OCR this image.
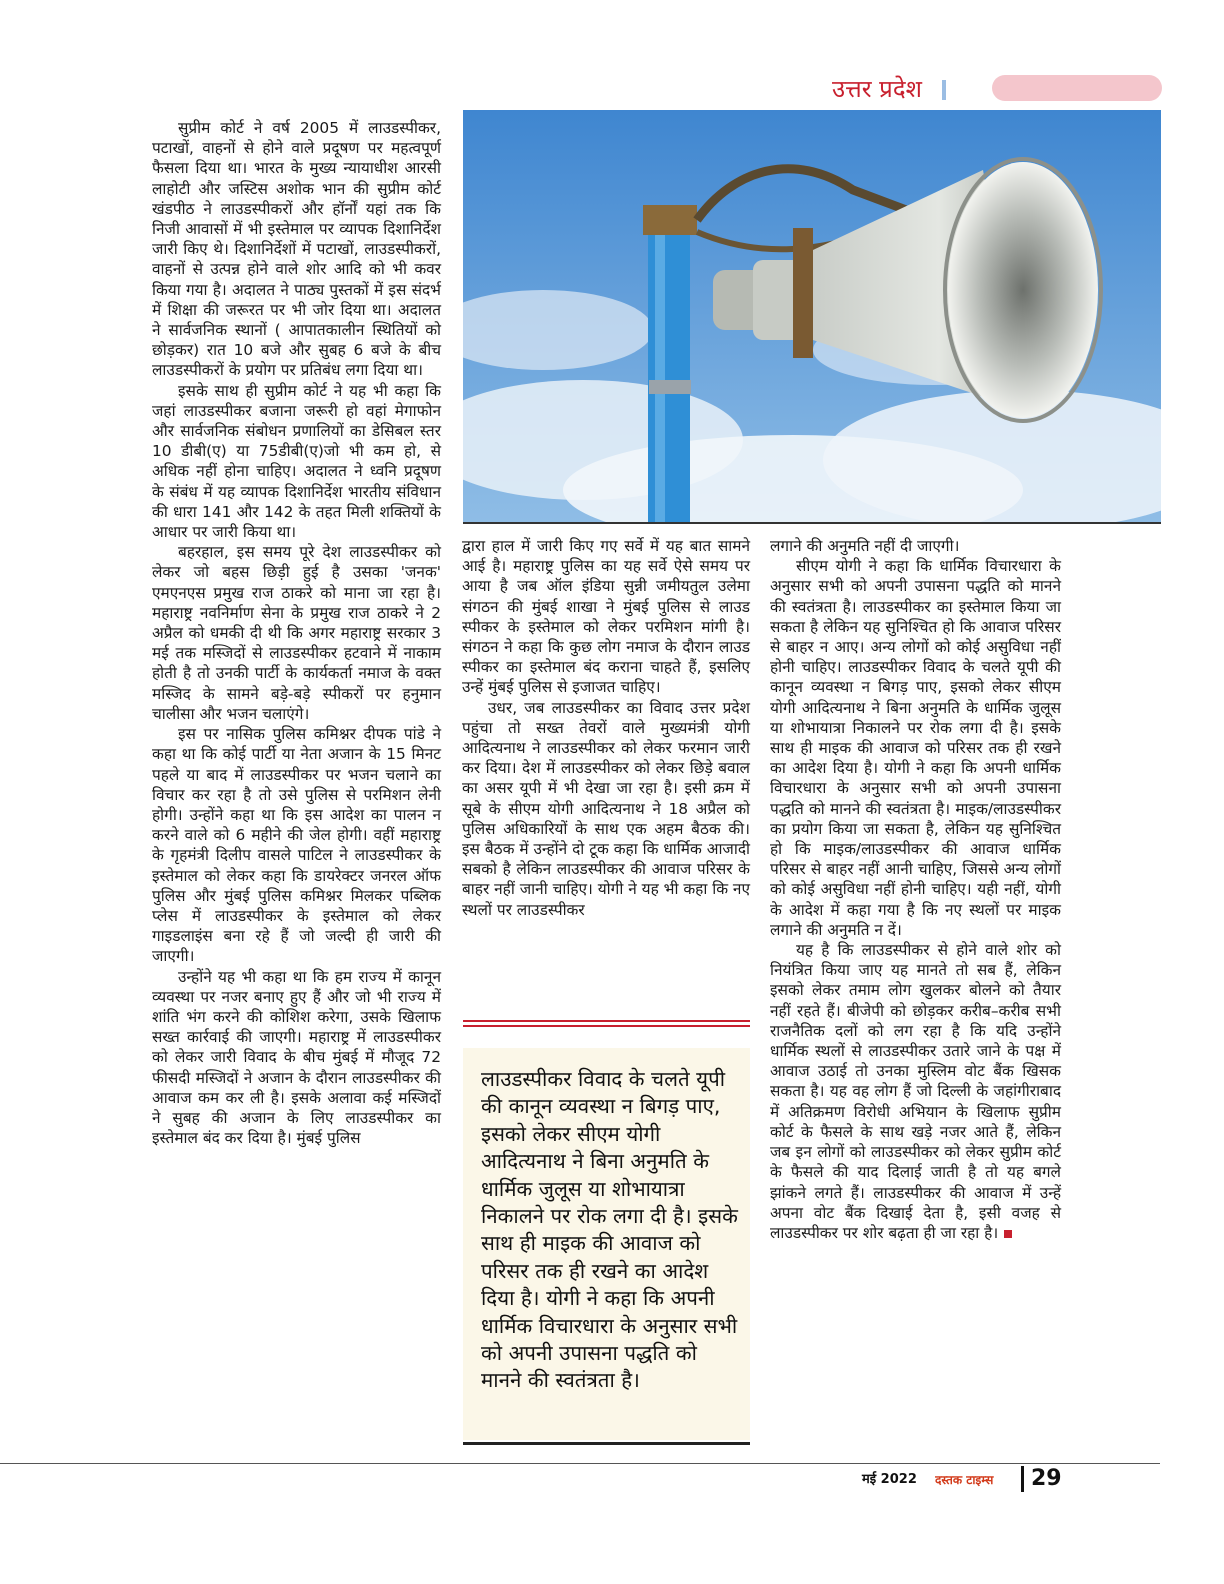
उत्तर प्रदेश

सुप्रीम कोर्ट ने वर्ष 2005 में लाउडस्पीकर, पटाखों, वाहनों से होने वाले प्रदूषण पर महत्वपूर्ण फैसला दिया था। भारत के मुख्य न्यायाधीश आरसी लाहोटी और जस्टिस अशोक भान की सुप्रीम कोर्ट खंडपीठ ने लाउडस्पीकरों और हॉर्नों यहां तक कि निजी आवासों में भी इस्तेमाल पर व्यापक दिशानिर्देश जारी किए थे। दिशानिर्देशों में पटाखों, लाउडस्पीकरों, वाहनों से उत्पन्न होने वाले शोर आदि को भी कवर किया गया है। अदालत ने पाठ्य पुस्तकों में इस संदर्भ में शिक्षा की जरूरत पर भी जोर दिया था। अदालत ने सार्वजनिक स्थानों ( आपातकालीन स्थितियों को छोड़कर) रात 10 बजे और सुबह 6 बजे के बीच लाउडस्पीकरों के प्रयोग पर प्रतिबंध लगा दिया था।

इसके साथ ही सुप्रीम कोर्ट ने यह भी कहा कि जहां लाउडस्पीकर बजाना जरूरी हो वहां मेगाफोन और सार्वजनिक संबोधन प्रणालियों का डेसिबल स्तर 10 डीबी(ए) या 75डीबी(ए)जो भी कम हो, से अधिक नहीं होना चाहिए। अदालत ने ध्वनि प्रदूषण के संबंध में यह व्यापक दिशानिर्देश भारतीय संविधान की धारा 141 और 142 के तहत मिली शक्तियों के आधार पर जारी किया था।

बहरहाल, इस समय पूरे देश लाउडस्पीकर को लेकर जो बहस छिड़ी हुई है उसका 'जनक' एमएनएस प्रमुख राज ठाकरे को माना जा रहा है। महाराष्ट्र नवनिर्माण सेना के प्रमुख राज ठाकरे ने 2 अप्रैल को धमकी दी थी कि अगर महाराष्ट्र सरकार 3 मई तक मस्जिदों से लाउडस्पीकर हटवाने में नाकाम होती है तो उनकी पार्टी के कार्यकर्ता नमाज के वक्त मस्जिद के सामने बड़े-बड़े स्पीकरों पर हनुमान चालीसा और भजन चलाएंगे।

इस पर नासिक पुलिस कमिश्नर दीपक पांडे ने कहा था कि कोई पार्टी या नेता अजान के 15 मिनट पहले या बाद में लाउडस्पीकर पर भजन चलाने का विचार कर रहा है तो उसे पुलिस से परमिशन लेनी होगी। उन्होंने कहा था कि इस आदेश का पालन न करने वाले को 6 महीने की जेल होगी। वहीं महाराष्ट्र के गृहमंत्री दिलीप वासले पाटिल ने लाउडस्पीकर के इस्तेमाल को लेकर कहा कि डायरेक्टर जनरल ऑफ पुलिस और मुंबई पुलिस कमिश्नर मिलकर पब्लिक प्लेस में लाउडस्पीकर के इस्तेमाल को लेकर गाइडलाइंस बना रहे हैं जो जल्दी ही जारी की जाएगी।

उन्होंने यह भी कहा था कि हम राज्य में कानून व्यवस्था पर नजर बनाए हुए हैं और जो भी राज्य में शांति भंग करने की कोशिश करेगा, उसके खिलाफ सख्त कार्रवाई की जाएगी। महाराष्ट्र में लाउडस्पीकर को लेकर जारी विवाद के बीच मुंबई में मौजूद 72 फीसदी मस्जिदों ने अजान के दौरान लाउडस्पीकर की आवाज कम कर ली है। इसके अलावा कई मस्जिदों ने सुबह की अजान के लिए लाउडस्पीकर का इस्तेमाल बंद कर दिया है। मुंबई पुलिस

द्वारा हाल में जारी किए गए सर्वे में यह बात सामने आई है। महाराष्ट्र पुलिस का यह सर्वे ऐसे समय पर आया है जब ऑल इंडिया सुन्नी जमीयतुल उलेमा संगठन की मुंबई शाखा ने मुंबई पुलिस से लाउड स्पीकर के इस्तेमाल को लेकर परमिशन मांगी है। संगठन ने कहा कि कुछ लोग नमाज के दौरान लाउड स्पीकर का इस्तेमाल बंद कराना चाहते हैं, इसलिए उन्हें मुंबई पुलिस से इजाजत चाहिए।

उधर, जब लाउडस्पीकर का विवाद उत्तर प्रदेश पहुंचा तो सख्त तेवरों वाले मुख्यमंत्री योगी आदित्यनाथ ने लाउडस्पीकर को लेकर फरमान जारी कर दिया। देश में लाउडस्पीकर को लेकर छिड़े बवाल का असर यूपी में भी देखा जा रहा है। इसी क्रम में सूबे के सीएम योगी आदित्यनाथ ने 18 अप्रैल को पुलिस अधिकारियों के साथ एक अहम बैठक की। इस बैठक में उन्होंने दो टूक कहा कि धार्मिक आजादी सबको है लेकिन लाउडस्पीकर की आवाज परिसर के बाहर नहीं जानी चाहिए। योगी ने यह भी कहा कि नए स्थलों पर लाउडस्पीकर

लाउडस्पीकर विवाद के चलते यूपी की कानून व्यवस्था न बिगड़ पाए, इसको लेकर सीएम योगी आदित्यनाथ ने बिना अनुमति के धार्मिक जुलूस या शोभायात्रा निकालने पर रोक लगा दी है। इसके साथ ही माइक की आवाज को परिसर तक ही रखने का आदेश दिया है। योगी ने कहा कि अपनी धार्मिक विचारधारा के अनुसार सभी को अपनी उपासना पद्धति को मानने की स्वतंत्रता है।

लगाने की अनुमति नहीं दी जाएगी।

सीएम योगी ने कहा कि धार्मिक विचारधारा के अनुसार सभी को अपनी उपासना पद्धति को मानने की स्वतंत्रता है। लाउडस्पीकर का इस्तेमाल किया जा सकता है लेकिन यह सुनिश्चित हो कि आवाज परिसर से बाहर न आए। अन्य लोगों को कोई असुविधा नहीं होनी चाहिए। लाउडस्पीकर विवाद के चलते यूपी की कानून व्यवस्था न बिगड़ पाए, इसको लेकर सीएम योगी आदित्यनाथ ने बिना अनुमति के धार्मिक जुलूस या शोभायात्रा निकालने पर रोक लगा दी है। इसके साथ ही माइक की आवाज को परिसर तक ही रखने का आदेश दिया है। योगी ने कहा कि अपनी धार्मिक विचारधारा के अनुसार सभी को अपनी उपासना पद्धति को मानने की स्वतंत्रता है। माइक/लाउडस्पीकर का प्रयोग किया जा सकता है, लेकिन यह सुनिश्चित हो कि माइक/लाउडस्पीकर की आवाज धार्मिक परिसर से बाहर नहीं आनी चाहिए, जिससे अन्य लोगों को कोई असुविधा नहीं होनी चाहिए। यही नहीं, योगी के आदेश में कहा गया है कि नए स्थलों पर माइक लगाने की अनुमति न दें।

यह है कि लाउडस्पीकर से होने वाले शोर को नियंत्रित किया जाए यह मानते तो सब हैं, लेकिन इसको लेकर तमाम लोग खुलकर बोलने को तैयार नहीं रहते हैं। बीजेपी को छोड़कर करीब–करीब सभी राजनैतिक दलों को लग रहा है कि यदि उन्होंने धार्मिक स्थलों से लाउडस्पीकर उतारे जाने के पक्ष में आवाज उठाई तो उनका मुस्लिम वोट बैंक खिसक सकता है। यह वह लोग हैं जो दिल्ली के जहांगीराबाद में अतिक्रमण विरोधी अभियान के खिलाफ सुप्रीम कोर्ट के फैसले के साथ खड़े नजर आते हैं, लेकिन जब इन लोगों को लाउडस्पीकर को लेकर सुप्रीम कोर्ट के फैसले की याद दिलाई जाती है तो यह बगले झांकने लगते हैं। लाउडस्पीकर की आवाज में उन्हें अपना वोट बैंक दिखाई देता है, इसी वजह से लाउडस्पीकर पर शोर बढ़ता ही जा रहा है।

मई 2022	दस्तक टाइम्स	29
